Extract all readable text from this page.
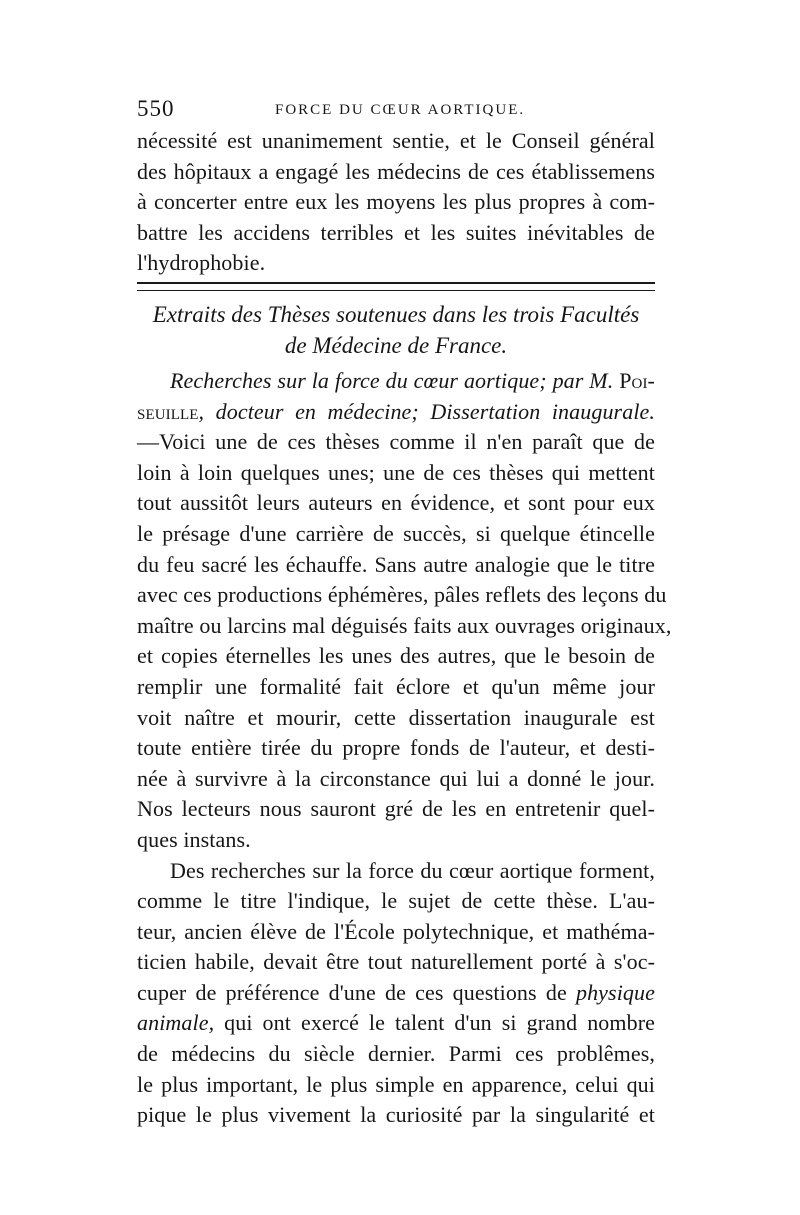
550	FORCE DU CŒUR AORTIQUE.
nécessité est unanimement sentie, et le Conseil général
des hôpitaux a engagé les médecins de ces établissemens
à concerter entre eux les moyens les plus propres à com-
battre les accidens terribles et les suites inévitables de
l'hydrophobie.
Extraits des Thèses soutenues dans les trois Facultés
de Médecine de France.
Recherches sur la force du cœur aortique; par M. Poi-
seuille, docteur en médecine; Dissertation inaugurale.
—Voici une de ces thèses comme il n'en paraît que de
loin à loin quelques unes; une de ces thèses qui mettent
tout aussitôt leurs auteurs en évidence, et sont pour eux
le présage d'une carrière de succès, si quelque étincelle
du feu sacré les échauffe. Sans autre analogie que le titre
avec ces productions éphémères, pâles reflets des leçons du
maître ou larcins mal déguisés faits aux ouvrages originaux,
et copies éternelles les unes des autres, que le besoin de
remplir une formalité fait éclore et qu'un même jour
voit naître et mourir, cette dissertation inaugurale est
toute entière tirée du propre fonds de l'auteur, et desti-
née à survivre à la circonstance qui lui a donné le jour.
Nos lecteurs nous sauront gré de les en entretenir quel-
ques instans.
Des recherches sur la force du cœur aortique forment,
comme le titre l'indique, le sujet de cette thèse. L'au-
teur, ancien élève de l'École polytechnique, et mathéma-
ticien habile, devait être tout naturellement porté à s'oc-
cuper de préférence d'une de ces questions de physique
animale, qui ont exercé le talent d'un si grand nombre
de médecins du siècle dernier. Parmi ces problêmes,
le plus important, le plus simple en apparence, celui qui
pique le plus vivement la curiosité par la singularité et
